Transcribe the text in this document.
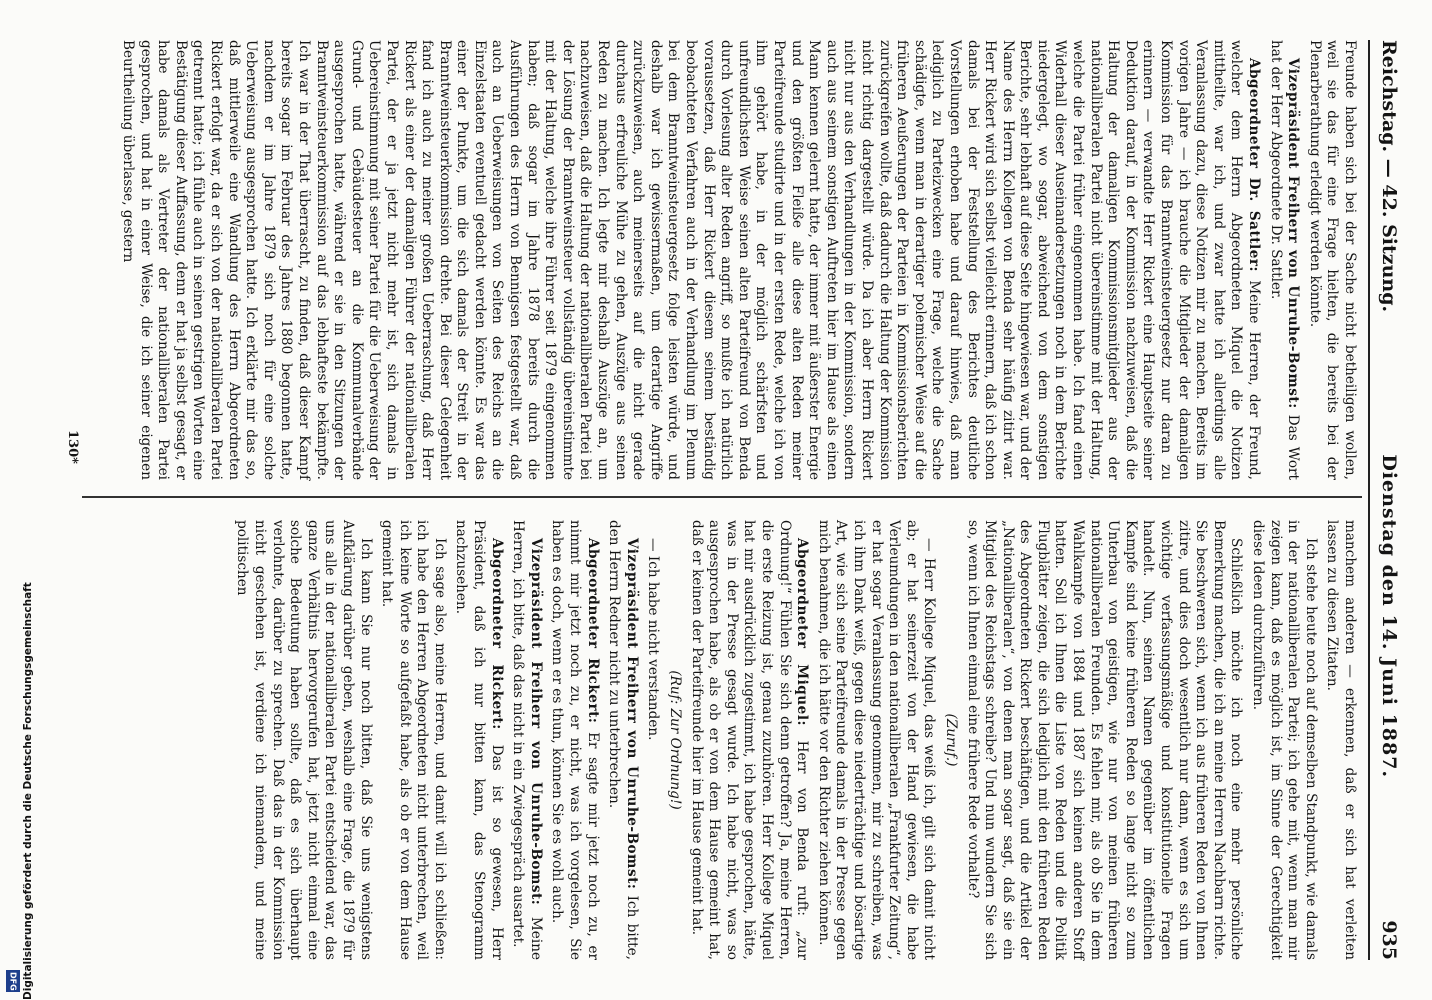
Reichstag. — 42. Sitzung.
Dienstag den 14. Juni 1887.
935

Freunde haben sich bei der Sache nicht betheiligen wollen, weil sie das für eine Frage hielten, die bereits bei der Plenarberathung erledigt werden könnte.

Vizepräsident Freiherr von Unruhe-Bomst: Das Wort hat der Herr Abgeordnete Dr. Sattler.

Abgeordneter Dr. Sattler: Meine Herren, der Freund, welcher dem Herrn Abgeordneten Miquel die Notizen mittheilte, war ich, und zwar hatte ich allerdings alle Veranlassung dazu, diese Notizen mir zu machen. Bereits im vorigen Jahre — ich brauche die Mitglieder der damaligen Kommission für das Branntweinsteuergesetz nur daran zu erinnern — verwandte Herr Rickert eine Hauptseite seiner Deduktion darauf, in der Kommission nachzuweisen, daß die Haltung der damaligen Kommissionsmitglieder aus der nationalliberalen Partei nicht übereinstimme mit der Haltung, welche die Partei früher eingenommen habe. Ich fand einen Widerhall dieser Auseinandersetzungen noch in dem Berichte niedergelegt, wo sogar, abweichend von dem sonstigen Berichte, sehr lebhaft auf diese Seite hingewiesen war, und der Name des Herrn Kollegen von Benda sehr häufig zitirt war. Herr Rickert wird sich selbst vielleicht erinnern, daß ich schon damals bei der Feststellung des Berichtes deutliche Vorstellungen erhoben habe und darauf hinwies, daß man lediglich zu Parteizwecken eine Frage, welche die Sache schädigte, wenn man in derartiger polemischer Weise auf die früheren Aeußerungen der Parteien in Kommissionsberichten zurückgreifen wollte, daß dadurch die Haltung der Kommission nicht richtig dargestellt würde. Da ich aber Herrn Rickert nicht nur aus den Verhandlungen in der Kommission, sondern auch aus seinem sonstigen Auftreten hier im Hause als einen Mann kennen gelernt hatte, der immer mit äußerster Energie und den größten Fleiße alle diese alten Reden meiner Parteifreunde studirte und in der ersten Rede, welche ich von ihm gehört habe, in der möglich schärfsten und unfreundlichsten Weise seinen alten Parteifreund von Benda durch Vorlesung alter Reden angriff, so mußte ich natürlich voraussetzen, daß Herr Rickert diesem seinem beständig beobachteten Verfahren auch in der Verhandlung im Plenum bei dem Branntweinsteuergesetz folge leisten würde, und deshalb war ich gewissermaßen, um derartige Angriffe zurückzuweisen, auch meinerseits auf die nicht gerade durchaus erfreuliche Mühe zu gehen, Auszüge aus seinen Reden zu machen. Ich legte mir deshalb Auszüge an, um nachzuweisen, daß die Haltung der nationalliberalen Partei bei der Lösung der Branntweinsteuer vollständig übereinstimmte mit der Haltung, welche ihre Führer seit 1879 eingenommen haben; daß sogar im Jahre 1878 bereits durch die Ausführungen des Herrn von Bennigsen festgestellt war, daß auch an Ueberweisungen von Seiten des Reichs an die Einzelstaaten eventuell gedacht werden könnte. Es war das einer der Punkte, um die sich damals der Streit in der Branntweinsteuerkommission drehte. Bei dieser Gelegenheit fand ich auch zu meiner großen Ueberraschung, daß Herr Rickert als einer der damaligen Führer der nationalliberalen Partei, der er ja jetzt nicht mehr ist, sich damals in Uebereinstimmung mit seiner Partei für die Ueberweisung der Grund- und Gebäudesteuer an die Kommunalverbände ausgesprochen hatte, während er sie in den Sitzungen der Branntweinsteuerkommission auf das lebhafteste bekämpfte. Ich war in der That überrascht, zu finden, daß dieser Kampf bereits sogar im Februar des Jahres 1880 begonnen hatte, nachdem er im Jahre 1879 sich noch für eine solche Ueberweisung ausgesprochen hatte. Ich erklärte mir das so, daß mittlerweile eine Wandlung des Herrn Abgeordneten Rickert erfolgt war, da er sich von der nationalliberalen Partei getrennt hatte; ich fühle auch in seinen gestrigen Worten eine Bestätigung dieser Auffassung, denn er hat ja selbst gesagt, er habe damals als Vertreter der nationalliberalen Partei gesprochen, und hat in einer Weise, die ich seiner eigenen Beurtheilung überlasse, gestern

manchem anderen — erkennen, daß er sich hat verleiten lassen zu diesen Zitaten.

Ich stehe heute noch auf demselben Standpunkt, wie damals in der nationalliberalen Partei; ich gehe mit, wenn man mir zeigen kann, daß es möglich ist, im Sinne der Gerechtigkeit diese Ideen durchzuführen.

Schließlich möchte ich noch eine mehr persönliche Bemerkung machen, die ich an meine Herren Nachbarn richte. Sie beschweren sich, wenn ich aus früheren Reden von Ihnen zitire, und dies doch wesentlich nur dann, wenn es sich um wichtige verfassungsmäßige und konstitutionelle Fragen handelt. Nun, seinen Namen gegenüber im öffentlichen Kampfe sind keine früheren Reden so lange nicht so zum Unterbau von geistigen, wie nur von meinen früheren nationalliberalen Freunden. Es fehlen mir, als ob Sie in dem Wahlkampfe von 1884 und 1887 sich keinen anderen Stoff hatten. Soll ich Ihnen die Liste von Reden und die Politik Flugblätter zeigen, die sich lediglich mit den früheren Reden des Abgeordneten Rickert beschäftigen, und die Artikel der „Nationalliberalen“, von denen man sogar sagt, daß sie ein Mitglied des Reichstags schreibe? Und nun wundern Sie sich so, wenn ich Ihnen einmal eine frühere Rede vorhalte?

(Zuruf.)

— Herr Kollege Miquel, das weiß ich, gilt sich damit nicht ab; er hat seinerzeit von der Hand gewiesen, die habe Verleumdungen in den nationalliberalen „Frankfurter Zeitung“, er hat sogar Veranlassung genommen, mir zu schreiben, was ich ihm Dank weiß, gegen diese niederträchtige und bösartige Art, wie sich seine Parteifreunde damals in der Presse gegen mich benahmen, die ich hätte vor den Richter ziehen können.

Abgeordneter Miquel: Herr von Benda ruft: „zur Ordnung!“ Fühlen Sie sich denn getroffen? Ja, meine Herren, die erste Reizung ist, genau zuzuhören. Herr Kollege Miquel hat mir ausdrücklich zugestimmt, ich habe gesprochen, hätte, was in der Presse gesagt wurde. Ich habe nicht, was so ausgesprochen habe, als ob er von dem Hause gemeint hat, daß er keinen der Parteifreunde hier im Hause gemeint hat.

(Ruf: Zur Ordnung!)

— Ich habe nicht verstanden.

Vizepräsident Freiherr von Unruhe-Bomst: Ich bitte, den Herrn Redner nicht zu unterbrechen.

Abgeordneter Rickert: Er sagte mir jetzt noch zu, er nimmt mir jetzt noch zu, er nicht, was ich vorgelesen, Sie haben es doch, wenn er es thun, können Sie es wohl auch.

Vizepräsident Freiherr von Unruhe-Bomst: Meine Herren, ich bitte, daß das nicht in ein Zwiegespräch ausartet.

Abgeordneter Rickert: Das ist so gewesen, Herr Präsident, daß ich nur bitten kann, das Stenogramm nachzusehen.

Ich sage also, meine Herren, und damit will ich schließen: ich habe den Herren Abgeordneten nicht unterbrechen, weil ich keine Worte so aufgefaßt habe, als ob er von dem Hause gemeint hat.

Ich kann Sie nur noch bitten, daß Sie uns wenigstens Aufklärung darüber geben, weshalb eine Frage, die 1879 für uns alle in der nationalliberalen Partei entscheidend war, das ganze Verhältnis hervorgerufen hat, jetzt nicht einmal eine solche Bedeutung haben sollte, daß es sich überhaupt verlohnte, darüber zu sprechen. Daß das in der Kommission nicht geschehen ist, verdiene ich niemandem, und meine politischen

130*
Digitalisierung gefördert durch die Deutsche Forschungsgemeinschaft
DFG
